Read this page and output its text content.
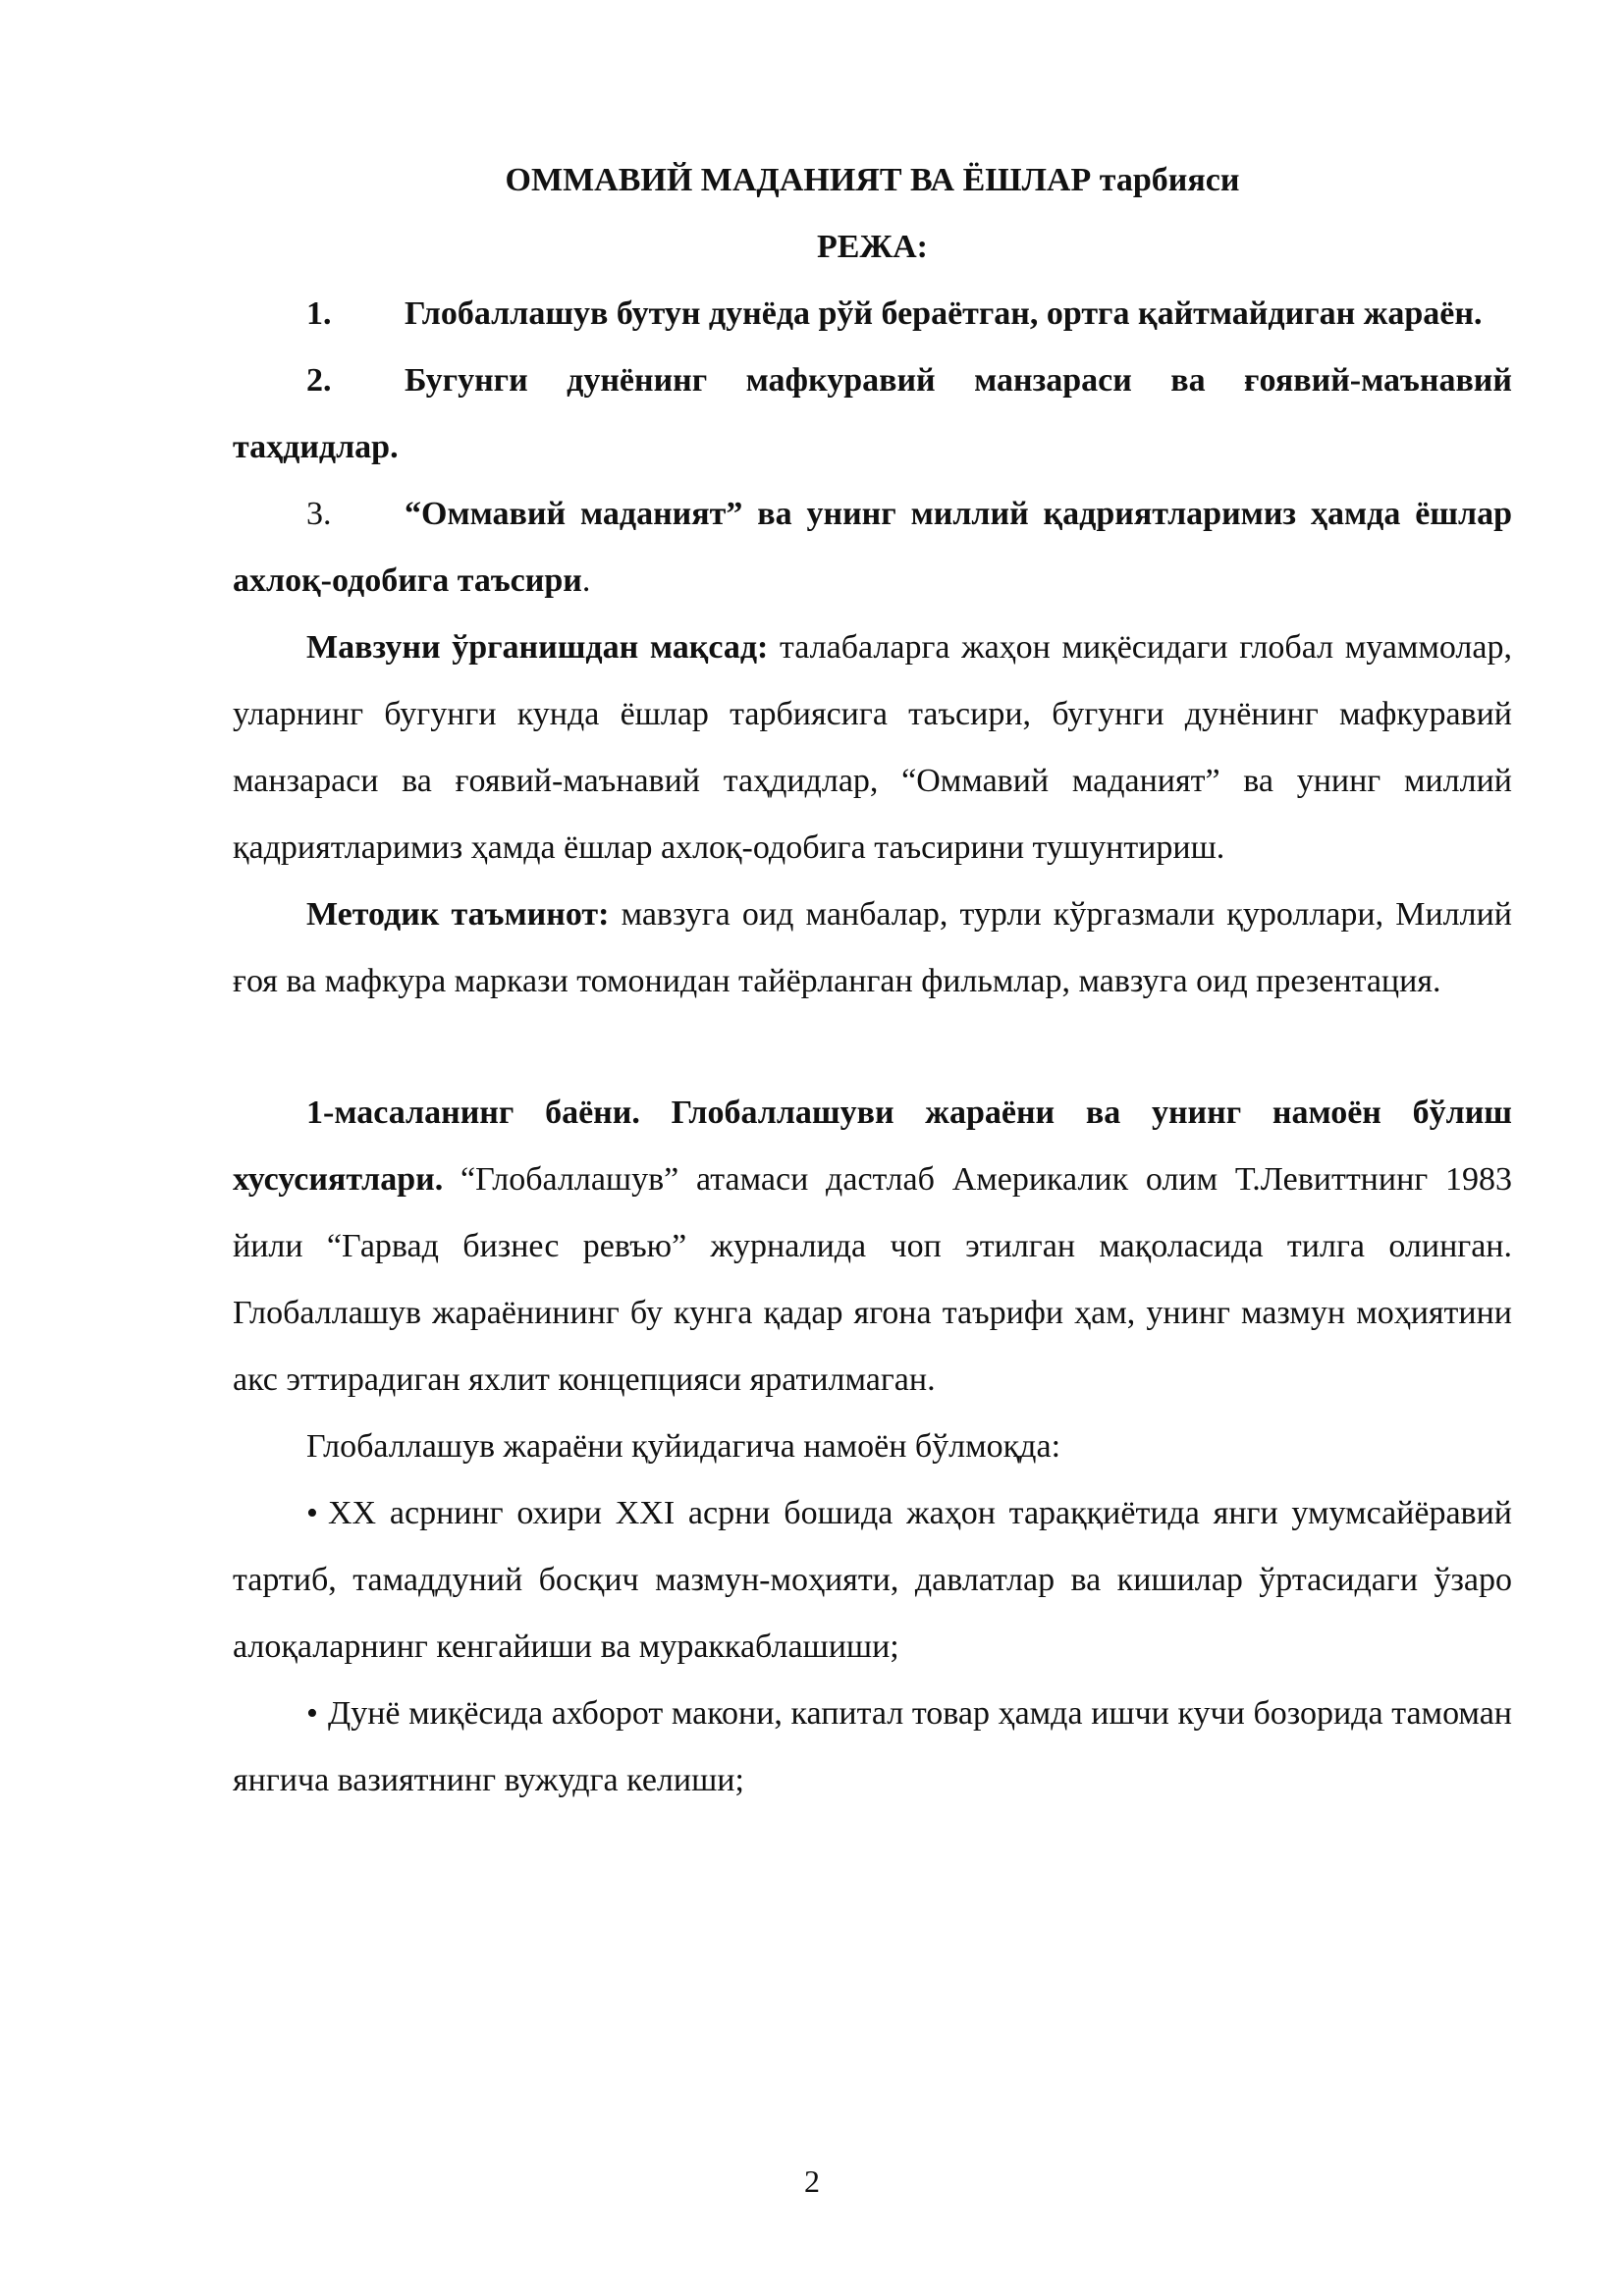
ОММАВИЙ МАДАНИЯТ ВА ЁШЛАР тарбияси

РЕЖА:

1. Глобаллашув бутун дунёда рўй бераётган, ортга қайтмайдиган жараён.

2. Бугунги дунёнинг мафкуравий манзараси ва ғоявий-маънавий таҳдидлар.

3. “Оммавий маданият” ва унинг миллий қадриятларимиз ҳамда ёшлар ахлоқ-одобига таъсири.

Мавзуни ўрганишдан мақсад: талабаларга жаҳон миқёсидаги глобал муаммолар, уларнинг бугунги кунда ёшлар тарбиясига таъсири, бугунги дунёнинг мафкуравий манзараси ва ғоявий-маънавий таҳдидлар, “Оммавий маданият” ва унинг миллий қадриятларимиз ҳамда ёшлар ахлоқ-одобига таъсирини тушунтириш.

Методик таъминот: мавзуга оид манбалар, турли кўргазмали қуроллари, Миллий ғоя ва мафкура маркази томонидан тайёрланган фильмлар, мавзуга оид презентация.

1-масаланинг баёни. Глобаллашуви жараёни ва унинг намоён бўлиш хусусиятлари. “Глобаллашув” атамаси дастлаб Америкалик олим Т.Левиттнинг 1983 йили “Гарвад бизнес ревъю” журналида чоп этилган мақоласида тилга олинган. Глобаллашув жараёнининг бу кунга қадар ягона таърифи ҳам, унинг мазмун моҳиятини акс эттирадиган яхлит концепцияси яратилмаган.

Глобаллашув жараёни қуйидагича намоён бўлмоқда:

• ХХ асрнинг охири ХХI асрни бошида жаҳон тараққиётида янги умумсайёравий тартиб, тамаддуний босқич мазмун-моҳияти, давлатлар ва кишилар ўртасидаги ўзаро алоқаларнинг кенгайиши ва мураккаблашиши;

• Дунё миқёсида ахборот макони, капитал товар ҳамда ишчи кучи бозорида тамоман янгича вазиятнинг вужудга келиши;

2
